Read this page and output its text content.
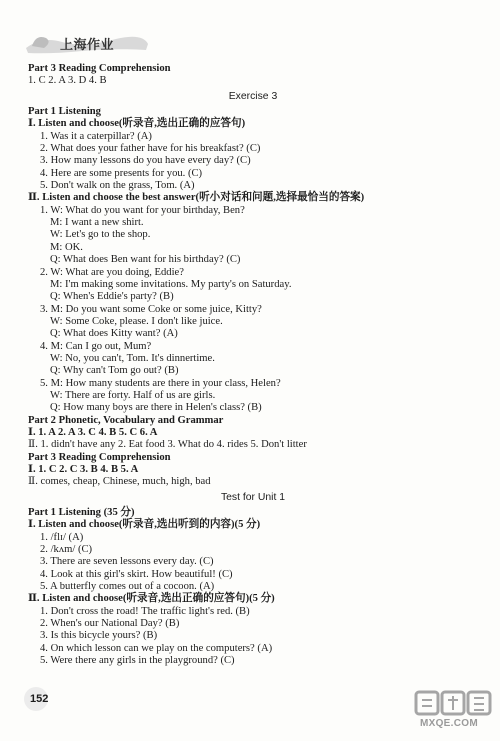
上海作业
Part 3 Reading Comprehension
1. C 2. A 3. D 4. B
Exercise 3
Part 1 Listening
Ⅰ. Listen and choose(听录音,选出正确的应答句)
1. Was it a caterpillar? (A)
2. What does your father have for his breakfast? (C)
3. How many lessons do you have every day? (C)
4. Here are some presents for you. (C)
5. Don't walk on the grass, Tom. (A)
Ⅱ. Listen and choose the best answer(听小对话和问题,选择最恰当的答案)
1. W: What do you want for your birthday, Ben?
M: I want a new shirt.
W: Let's go to the shop.
M: OK.
Q: What does Ben want for his birthday? (C)
2. W: What are you doing, Eddie?
M: I'm making some invitations. My party's on Saturday.
Q: When's Eddie's party? (B)
3. M: Do you want some Coke or some juice, Kitty?
W: Some Coke, please. I don't like juice.
Q: What does Kitty want? (A)
4. M: Can I go out, Mum?
W: No, you can't, Tom. It's dinnertime.
Q: Why can't Tom go out? (B)
5. M: How many students are there in your class, Helen?
W: There are forty. Half of us are girls.
Q: How many boys are there in Helen's class? (B)
Part 2 Phonetic, Vocabulary and Grammar
Ⅰ. 1. A 2. A 3. C 4. B 5. C 6. A
Ⅱ. 1. didn't have any 2. Eat food 3. What do 4. rides 5. Don't litter
Part 3 Reading Comprehension
Ⅰ. 1. C 2. C 3. B 4. B 5. A
Ⅱ. comes, cheap, Chinese, much, high, bad
Test for Unit 1
Part 1 Listening (35 分)
Ⅰ. Listen and choose(听录音,选出听到的内容)(5 分)
1. /flɪ/ (A)
2. /kʌm/ (C)
3. There are seven lessons every day. (C)
4. Look at this girl's skirt. How beautiful! (C)
5. A butterfly comes out of a cocoon. (A)
Ⅱ. Listen and choose(听录音,选出正确的应答句)(5 分)
1. Don't cross the road! The traffic light's red. (B)
2. When's our National Day? (B)
3. Is this bicycle yours? (B)
4. On which lesson can we play on the computers? (A)
5. Were there any girls in the playground? (C)
152
MXQE.COM
